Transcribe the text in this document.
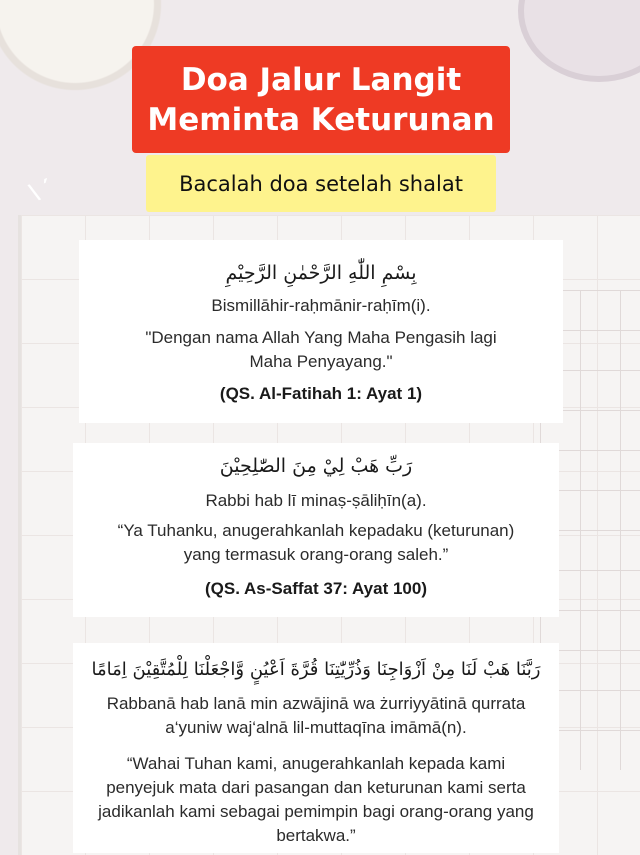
\ ′
Doa Jalur Langit
Meminta Keturunan
Bacalah doa setelah shalat
بِسْمِ اللّٰهِ الرَّحْمٰنِ الرَّحِيْمِ
Bismillāhir-raḥmānir-raḥīm(i).
"Dengan nama Allah Yang Maha Pengasih lagi Maha Penyayang."
(QS. Al-Fatihah 1: Ayat 1)
رَبِّ هَبْ لِيْ مِنَ الصّٰلِحِيْنَ
Rabbi hab lī minaṣ-ṣāliḥīn(a).
“Ya Tuhanku, anugerahkanlah kepadaku (keturunan) yang termasuk orang-orang saleh.”
(QS. As-Saffat 37: Ayat 100)
رَبَّنَا هَبْ لَنَا مِنْ اَزْوَاجِنَا وَذُرِّيّٰتِنَا قُرَّةَ اَعْيُنٍ وَّاجْعَلْنَا لِلْمُتَّقِيْنَ اِمَامًا
Rabbanā hab lanā min azwājinā wa żurriyyātinā qurrata a‘yuniw waj‘alnā lil-muttaqīna imāmā(n).
“Wahai Tuhan kami, anugerahkanlah kepada kami penyejuk mata dari pasangan dan keturunan kami serta jadikanlah kami sebagai pemimpin bagi orang-orang yang bertakwa.”
